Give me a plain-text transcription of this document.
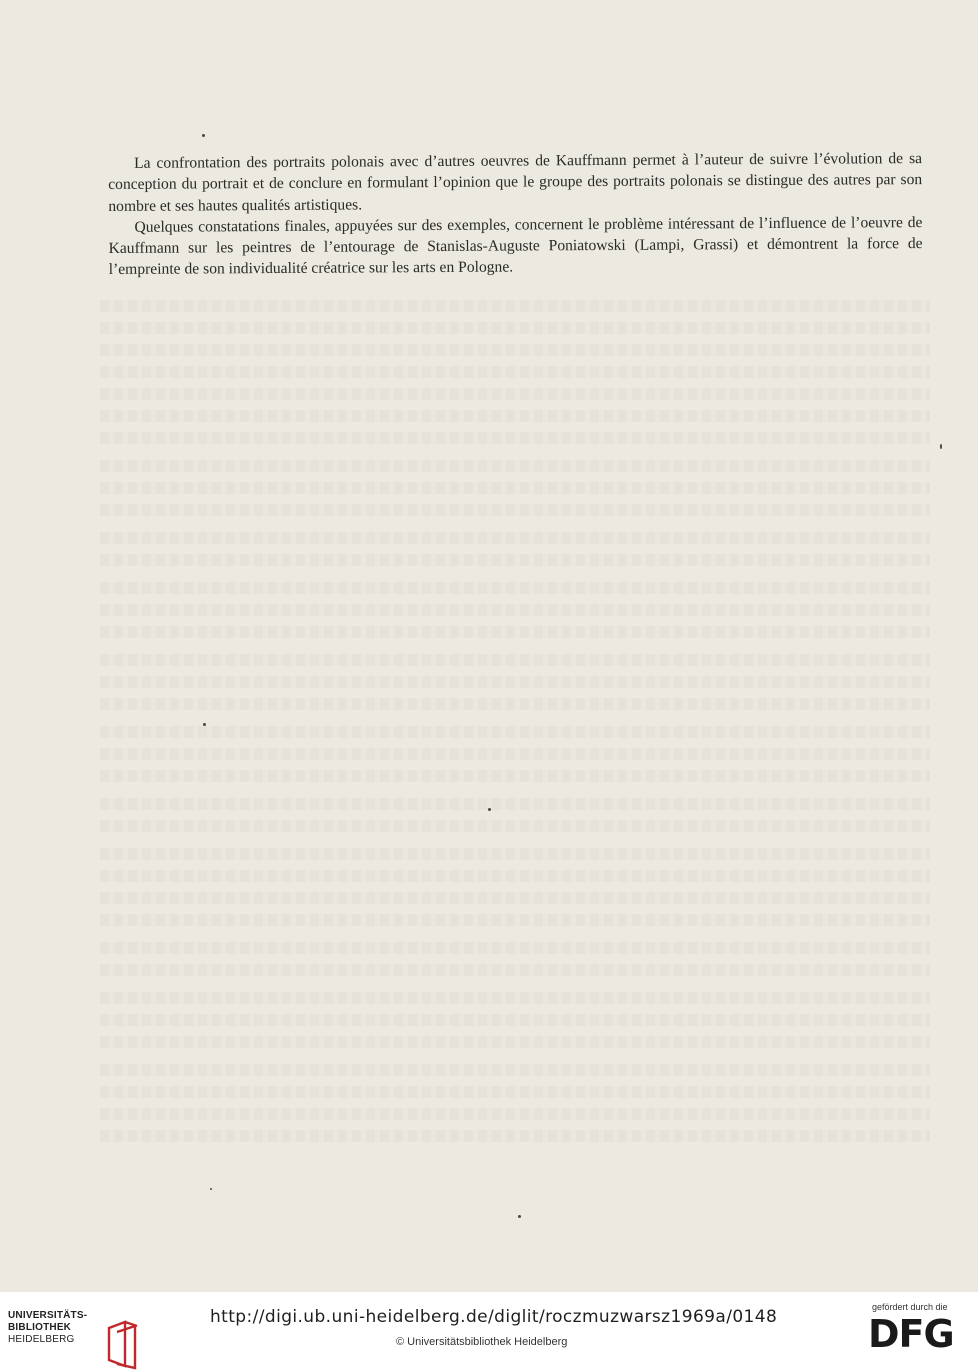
La confrontation des portraits polonais avec d’autres oeuvres de Kauffmann permet à l’auteur de suivre l’évolution de sa conception du portrait et de conclure en formulant l’opinion que le groupe des portraits polonais se distingue des autres par son nombre et ses hautes qualités artistiques.

Quelques constatations finales, appuyées sur des exemples, concernent le problème intéressant de l’influence de l’oeuvre de Kauffmann sur les peintres de l’entourage de Stanislas-Auguste Poniatowski (Lampi, Grassi) et démontrent la force de l’empreinte de son individualité créatrice sur les arts en Pologne.

UNIVERSITÄTS-
BIBLIOTHEK
HEIDELBERG
http://digi.ub.uni-heidelberg.de/diglit/roczmuzwarsz1969a/0148
© Universitätsbibliothek Heidelberg
gefördert durch die
DFG
